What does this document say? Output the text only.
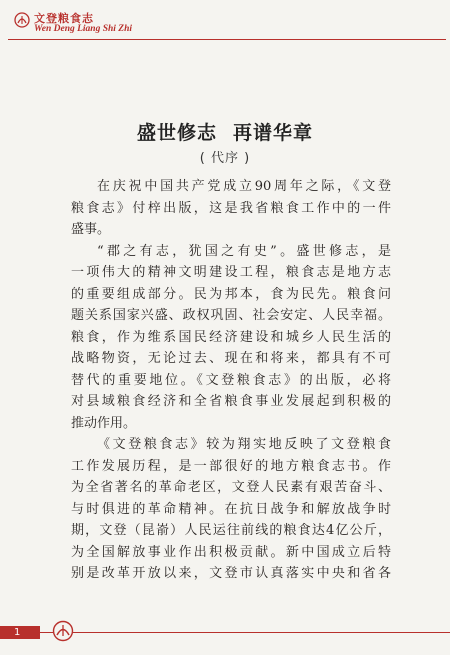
文登粮食志
Wen Deng Liang Shi Zhi
盛世修志 再谱华章
( 代序 )
在庆祝中国共产党成立90周年之际，《文登
粮食志》付梓出版，这是我省粮食工作中的一件
盛事。
“郡之有志，犹国之有史”。盛世修志，是
一项伟大的精神文明建设工程，粮食志是地方志
的重要组成部分。民为邦本，食为民先。粮食问
题关系国家兴盛、政权巩固、社会安定、人民幸福。
粮食，作为维系国民经济建设和城乡人民生活的
战略物资，无论过去、现在和将来，都具有不可
替代的重要地位。《文登粮食志》的出版，必将
对县域粮食经济和全省粮食事业发展起到积极的
推动作用。
《文登粮食志》较为翔实地反映了文登粮食
工作发展历程，是一部很好的地方粮食志书。作
为全省著名的革命老区，文登人民素有艰苦奋斗、
与时俱进的革命精神。在抗日战争和解放战争时
期，文登（昆嵛）人民运往前线的粮食达4亿公斤，
为全国解放事业作出积极贡献。新中国成立后特
别是改革开放以来，文登市认真落实中央和省各
1
